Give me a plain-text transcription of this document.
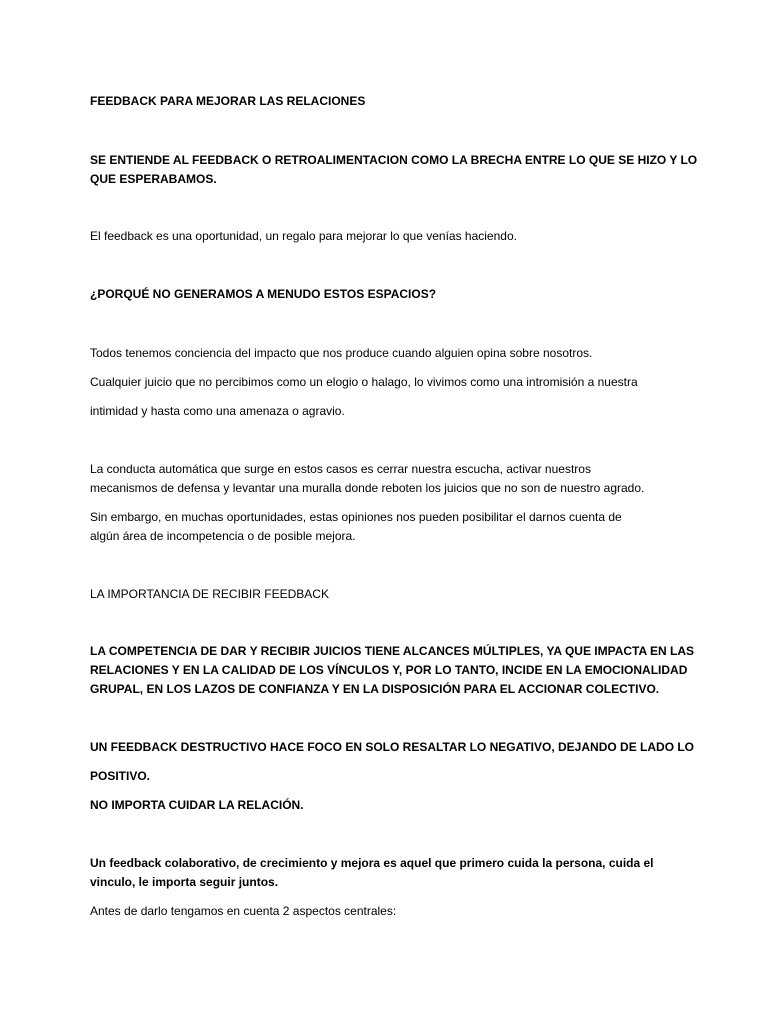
FEEDBACK PARA MEJORAR LAS RELACIONES

SE ENTIENDE AL FEEDBACK O RETROALIMENTACION COMO LA BRECHA ENTRE LO QUE SE HIZO Y LO

QUE ESPERABAMOS.

El feedback es una oportunidad, un regalo para mejorar lo que venías haciendo.

¿PORQUÉ NO GENERAMOS A MENUDO ESTOS ESPACIOS?

Todos tenemos conciencia del impacto que nos produce cuando alguien opina sobre nosotros.

Cualquier juicio que no percibimos como un elogio o halago, lo vivimos como una intromisión a nuestra

intimidad y hasta como una amenaza o agravio.

La conducta automática que surge en estos casos es cerrar nuestra escucha, activar nuestros

mecanismos de defensa y levantar una muralla donde reboten los juicios que no son de nuestro agrado.

Sin embargo, en muchas oportunidades, estas opiniones nos pueden posibilitar el darnos cuenta de

algún área de incompetencia o de posible mejora.

LA IMPORTANCIA DE RECIBIR FEEDBACK

LA COMPETENCIA DE DAR Y RECIBIR JUICIOS TIENE ALCANCES MÚLTIPLES, YA QUE IMPACTA EN LAS

RELACIONES Y EN LA CALIDAD DE LOS VÍNCULOS Y, POR LO TANTO, INCIDE EN LA EMOCIONALIDAD

GRUPAL, EN LOS LAZOS DE CONFIANZA Y EN LA DISPOSICIÓN PARA EL ACCIONAR COLECTIVO.

UN FEEDBACK DESTRUCTIVO HACE FOCO EN SOLO RESALTAR LO NEGATIVO, DEJANDO DE LADO LO

POSITIVO.

NO IMPORTA CUIDAR LA RELACIÓN.

Un feedback colaborativo, de crecimiento y mejora es aquel que primero cuida la persona, cuida el

vinculo, le importa seguir juntos.

Antes de darlo tengamos en cuenta 2 aspectos centrales:
